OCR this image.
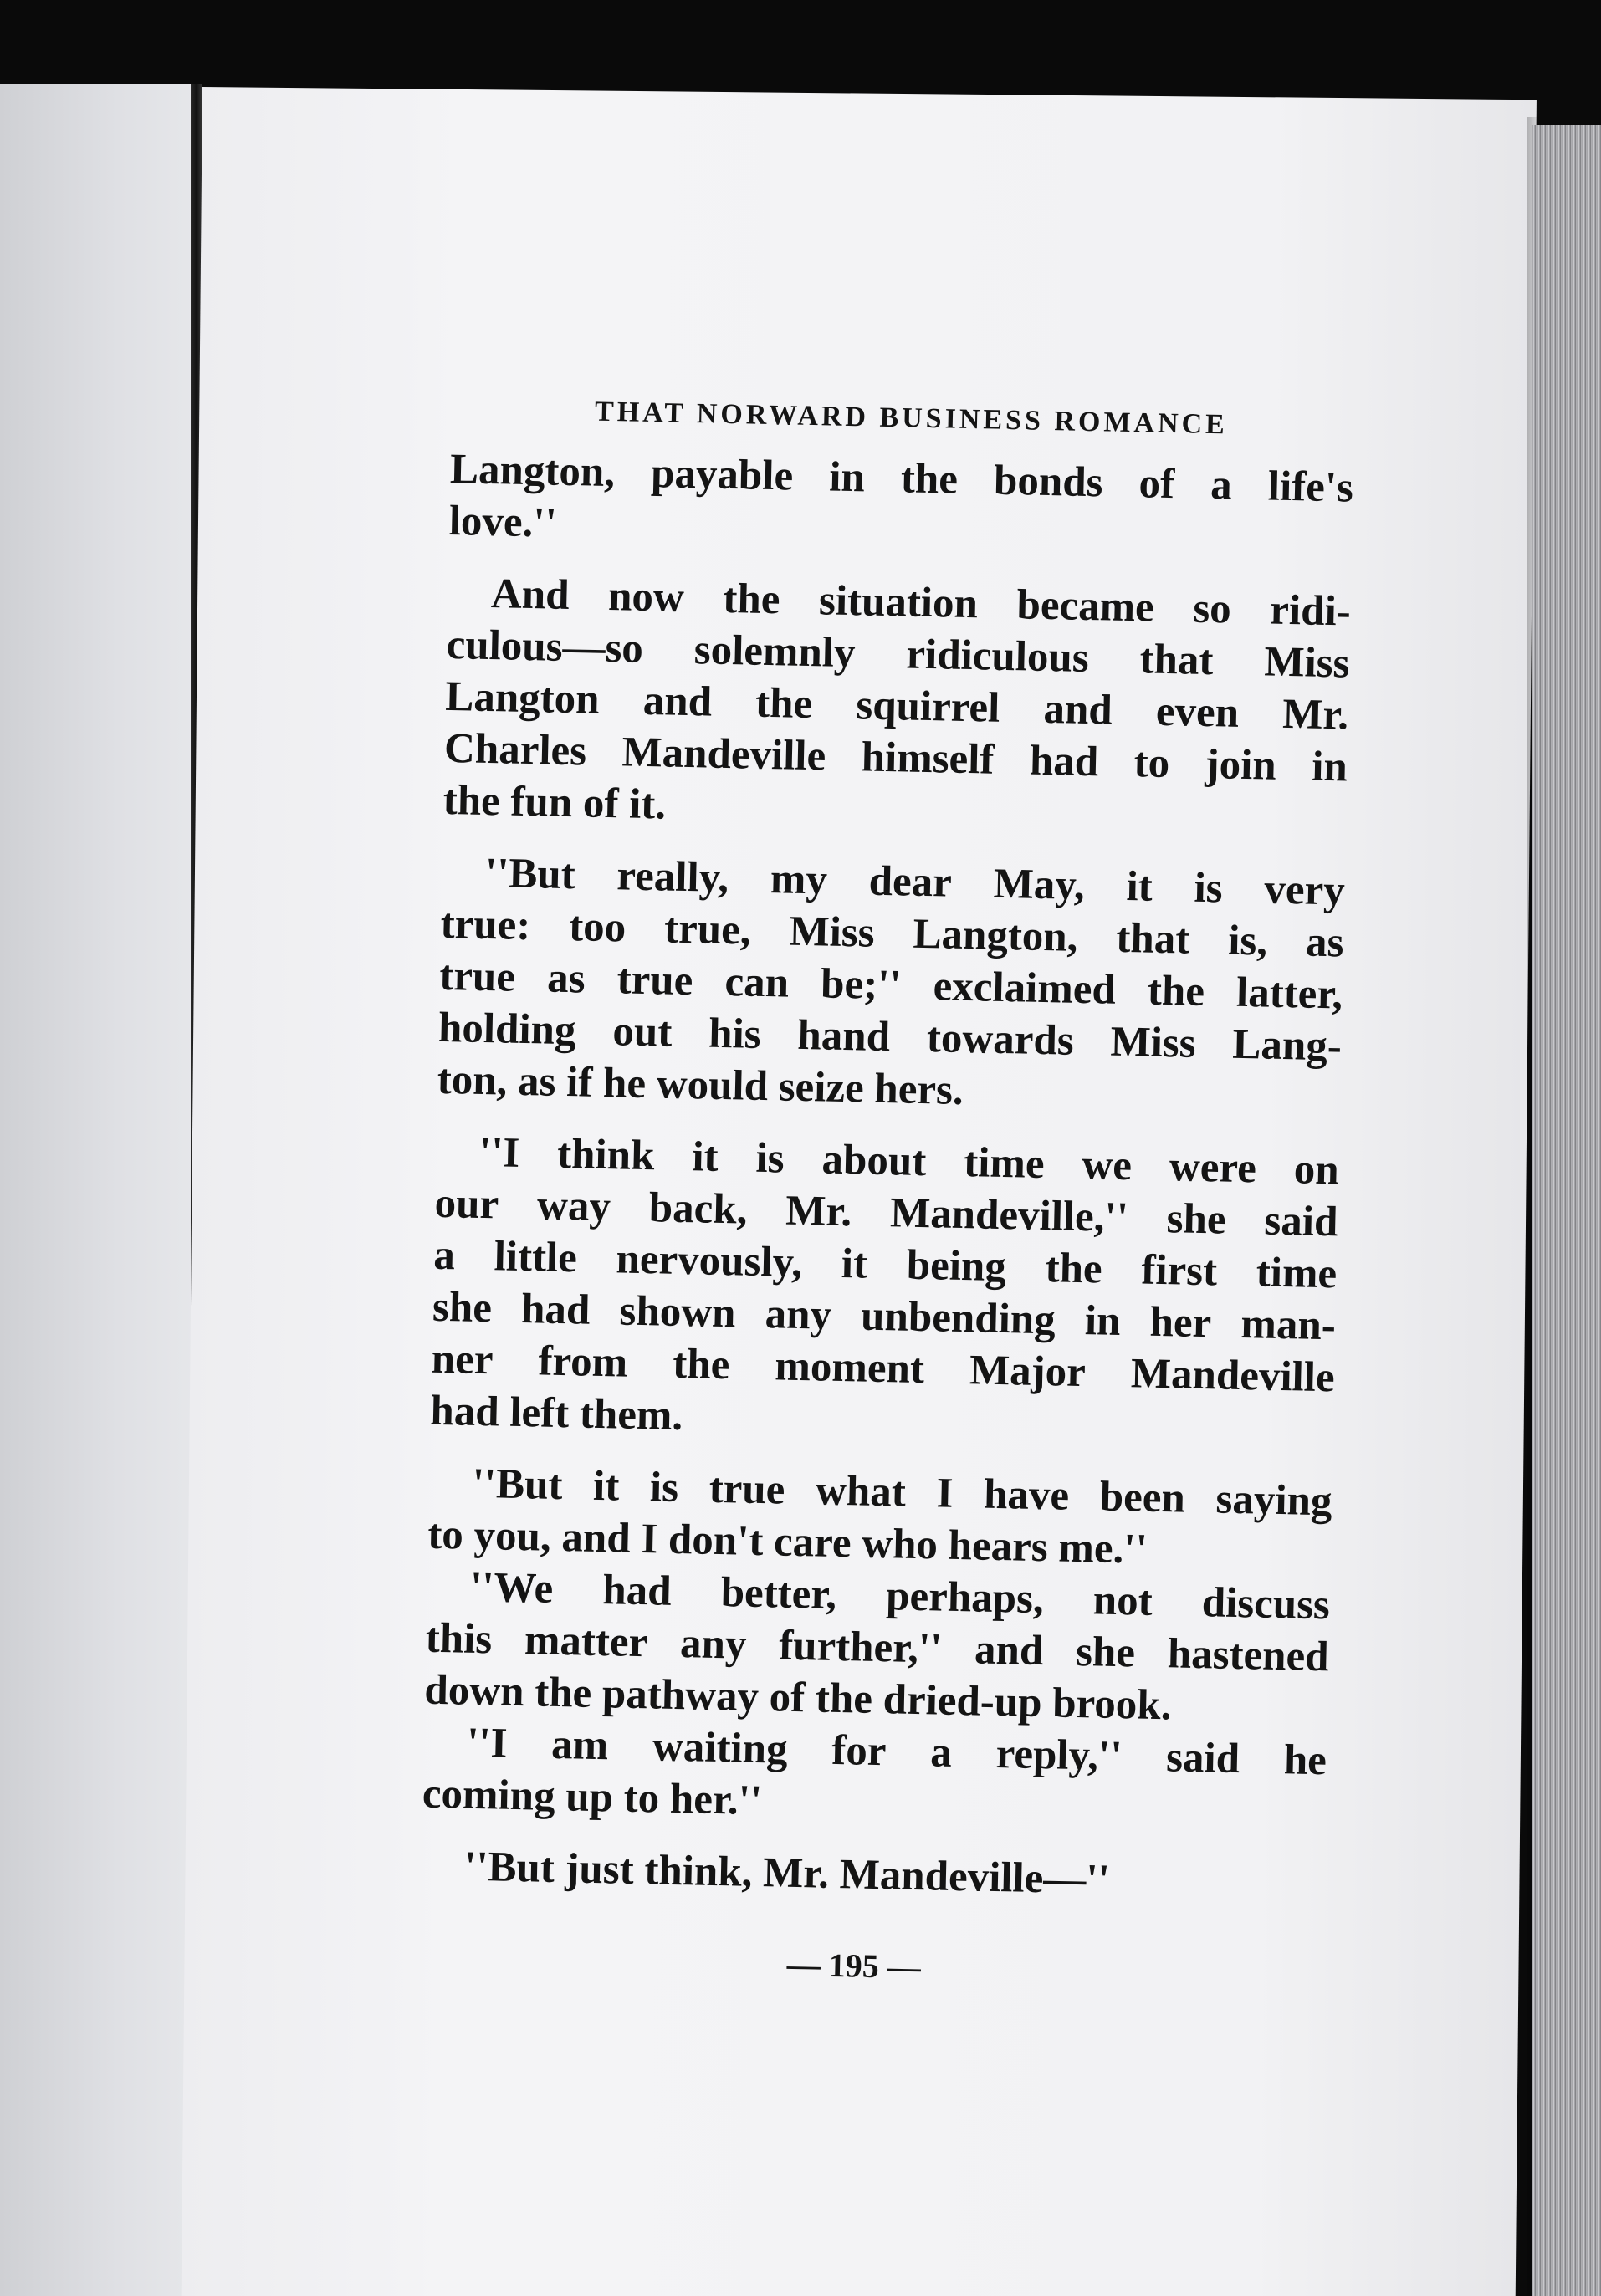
THAT NORWARD BUSINESS ROMANCE
Langton, payable in the bonds of a life's
love.''
And now the situation became so ridi-
culous—so solemnly ridiculous that Miss
Langton and the squirrel and even Mr.
Charles Mandeville himself had to join in
the fun of it.
''But really, my dear May, it is very
true: too true, Miss Langton, that is, as
true as true can be;'' exclaimed the latter,
holding out his hand towards Miss Lang-
ton, as if he would seize hers.
''I think it is about time we were on
our way back, Mr. Mandeville,'' she said
a little nervously, it being the first time
she had shown any unbending in her man-
ner from the moment Major Mandeville
had left them.
''But it is true what I have been saying
to you, and I don't care who hears me.''
''We had better, perhaps, not discuss
this matter any further,'' and she hastened
down the pathway of the dried-up brook.
''I am waiting for a reply,'' said he
coming up to her.''
''But just think, Mr. Mandeville—''
— 195 —
